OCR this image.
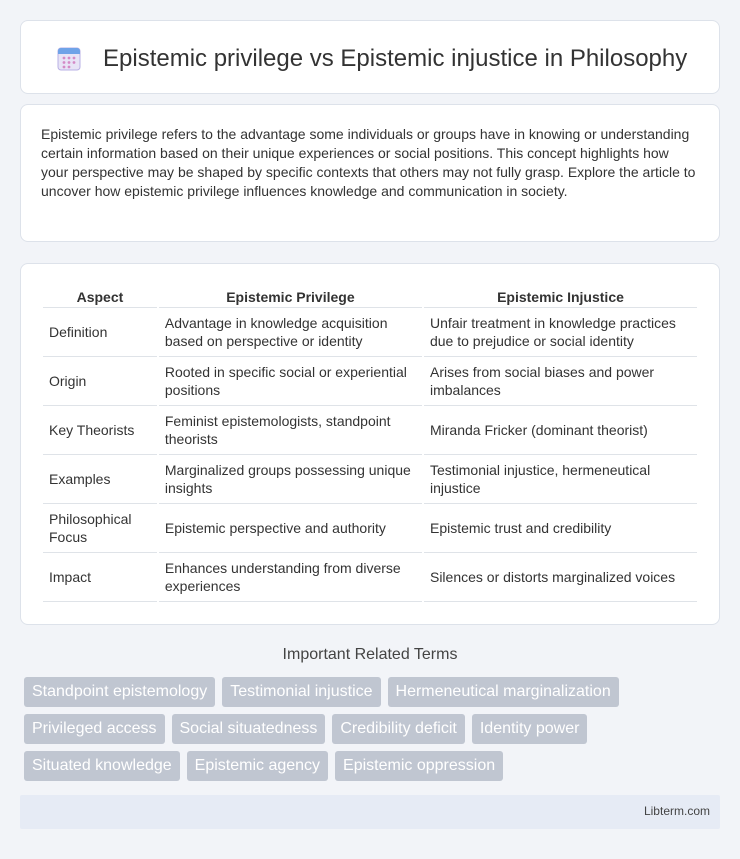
Epistemic privilege vs Epistemic injustice in Philosophy

Epistemic privilege refers to the advantage some individuals or groups have in knowing or understanding certain information based on their unique experiences or social positions. This concept highlights how your perspective may be shaped by specific contexts that others may not fully grasp. Explore the article to uncover how epistemic privilege influences knowledge and communication in society.

Aspect	Epistemic Privilege	Epistemic Injustice
Definition	Advantage in knowledge acquisition based on perspective or identity	Unfair treatment in knowledge practices due to prejudice or social identity
Origin	Rooted in specific social or experiential positions	Arises from social biases and power imbalances
Key Theorists	Feminist epistemologists, standpoint theorists	Miranda Fricker (dominant theorist)
Examples	Marginalized groups possessing unique insights	Testimonial injustice, hermeneutical injustice
Philosophical Focus	Epistemic perspective and authority	Epistemic trust and credibility
Impact	Enhances understanding from diverse experiences	Silences or distorts marginalized voices
Important Related Terms
Standpoint epistemology	Testimonial injustice	Hermeneutical marginalization
Privileged access	Social situatedness	Credibility deficit	Identity power
Situated knowledge	Epistemic agency	Epistemic oppression
Libterm.com
